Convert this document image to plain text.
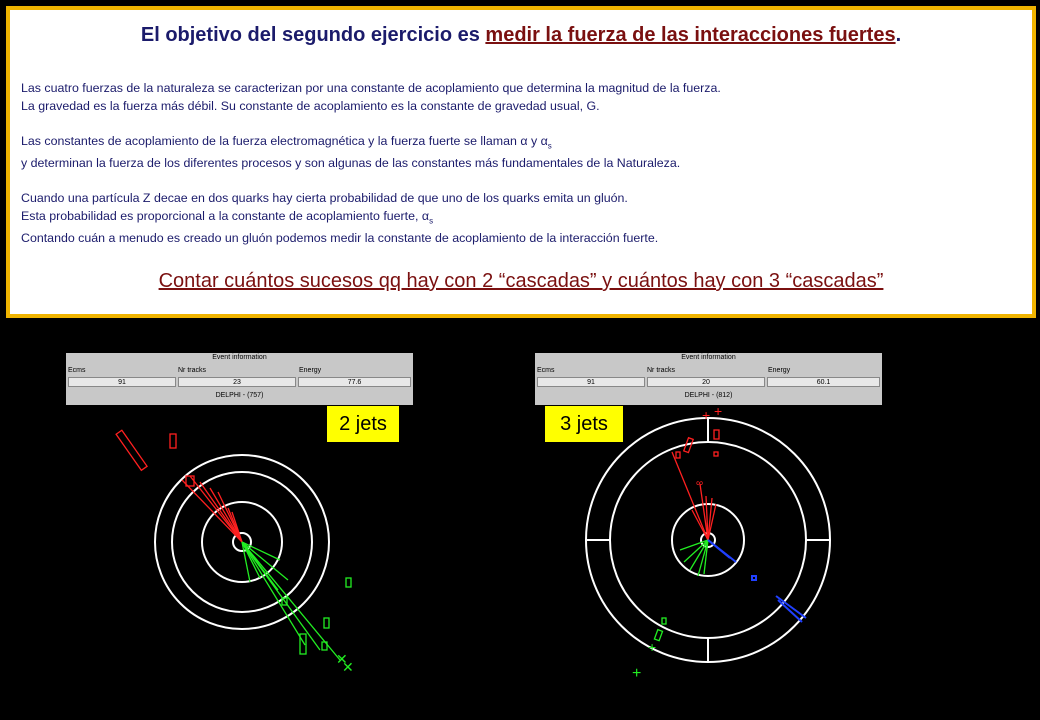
El objetivo del segundo ejercicio es medir la fuerza de las interacciones fuertes.

Las cuatro fuerzas de la naturaleza se caracterizan por una constante de acoplamiento que determina la magnitud de la fuerza.
La gravedad es la fuerza más débil. Su constante de acoplamiento es la constante de gravedad usual, G.

Las constantes de acoplamiento de la fuerza electromagnética y la fuerza fuerte se llaman α y $\alpha_s$
y determinan la fuerza de los diferentes procesos y son algunas de las constantes más fundamentales de la Naturaleza.

Cuando una partícula Z decae en dos quarks hay cierta probabilidad de que uno de los quarks emita un gluón.
Esta probabilidad es proporcional a la constante de acoplamiento fuerte, $\alpha_s$
Contando cuán a menudo es creado un gluón podemos medir la constante de acoplamiento de la interacción fuerte.

Contar cuántos sucesos qq hay con 2 “cascadas” y cuántos hay con 3 “cascadas”
Event information
Ecms	Nr tracks	Energy
91	23	77.6
DELPHI - (757)
Event information
Ecms	Nr tracks	Energy
91	20	60.1
DELPHI - (812)
2 jets	3 jets
✕
✕
+ +
∞
+
+
